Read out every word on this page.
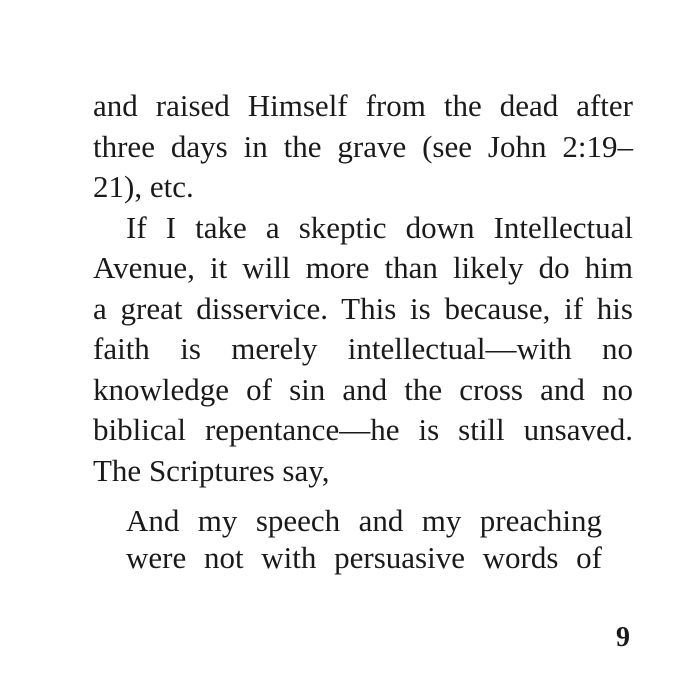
and raised Himself from the dead after
three days in the grave (see John 2:19–
21), etc.
If I take a skeptic down Intellectual
Avenue, it will more than likely do him
a great disservice. This is because, if his
faith is merely intellectual—with no
knowledge of sin and the cross and no
biblical repentance—he is still unsaved.
The Scriptures say,
And my speech and my preaching
were not with persuasive words of
9
